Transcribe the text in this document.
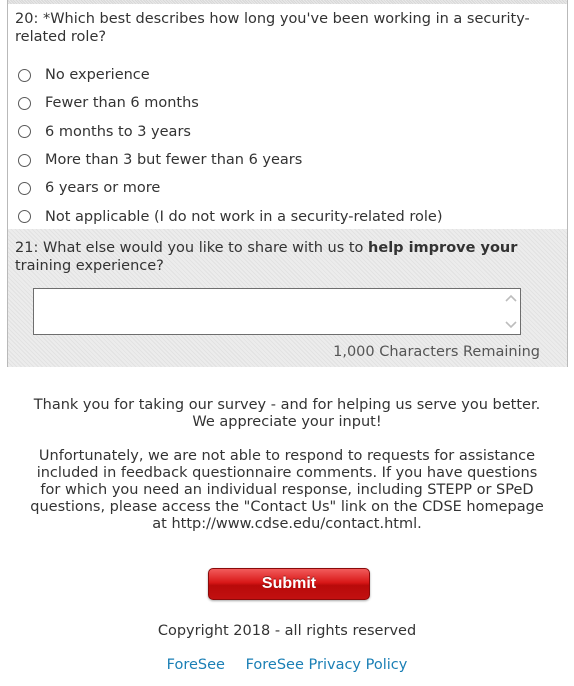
20: *Which best describes how long you've been working in a security-related role?
No experience
Fewer than 6 months
6 months to 3 years
More than 3 but fewer than 6 years
6 years or more
Not applicable (I do not work in a security-related role)
21: What else would you like to share with us to help improve your training experience?
1,000 Characters Remaining

Thank you for taking our survey - and for helping us serve you better. We appreciate your input!

Unfortunately, we are not able to respond to requests for assistance included in feedback questionnaire comments. If you have questions for which you need an individual response, including STEPP or SPeD questions, please access the "Contact Us" link on the CDSE homepage at http://www.cdse.edu/contact.html.

Submit
Copyright 2018 - all rights reserved
ForeSee ForeSee Privacy Policy
